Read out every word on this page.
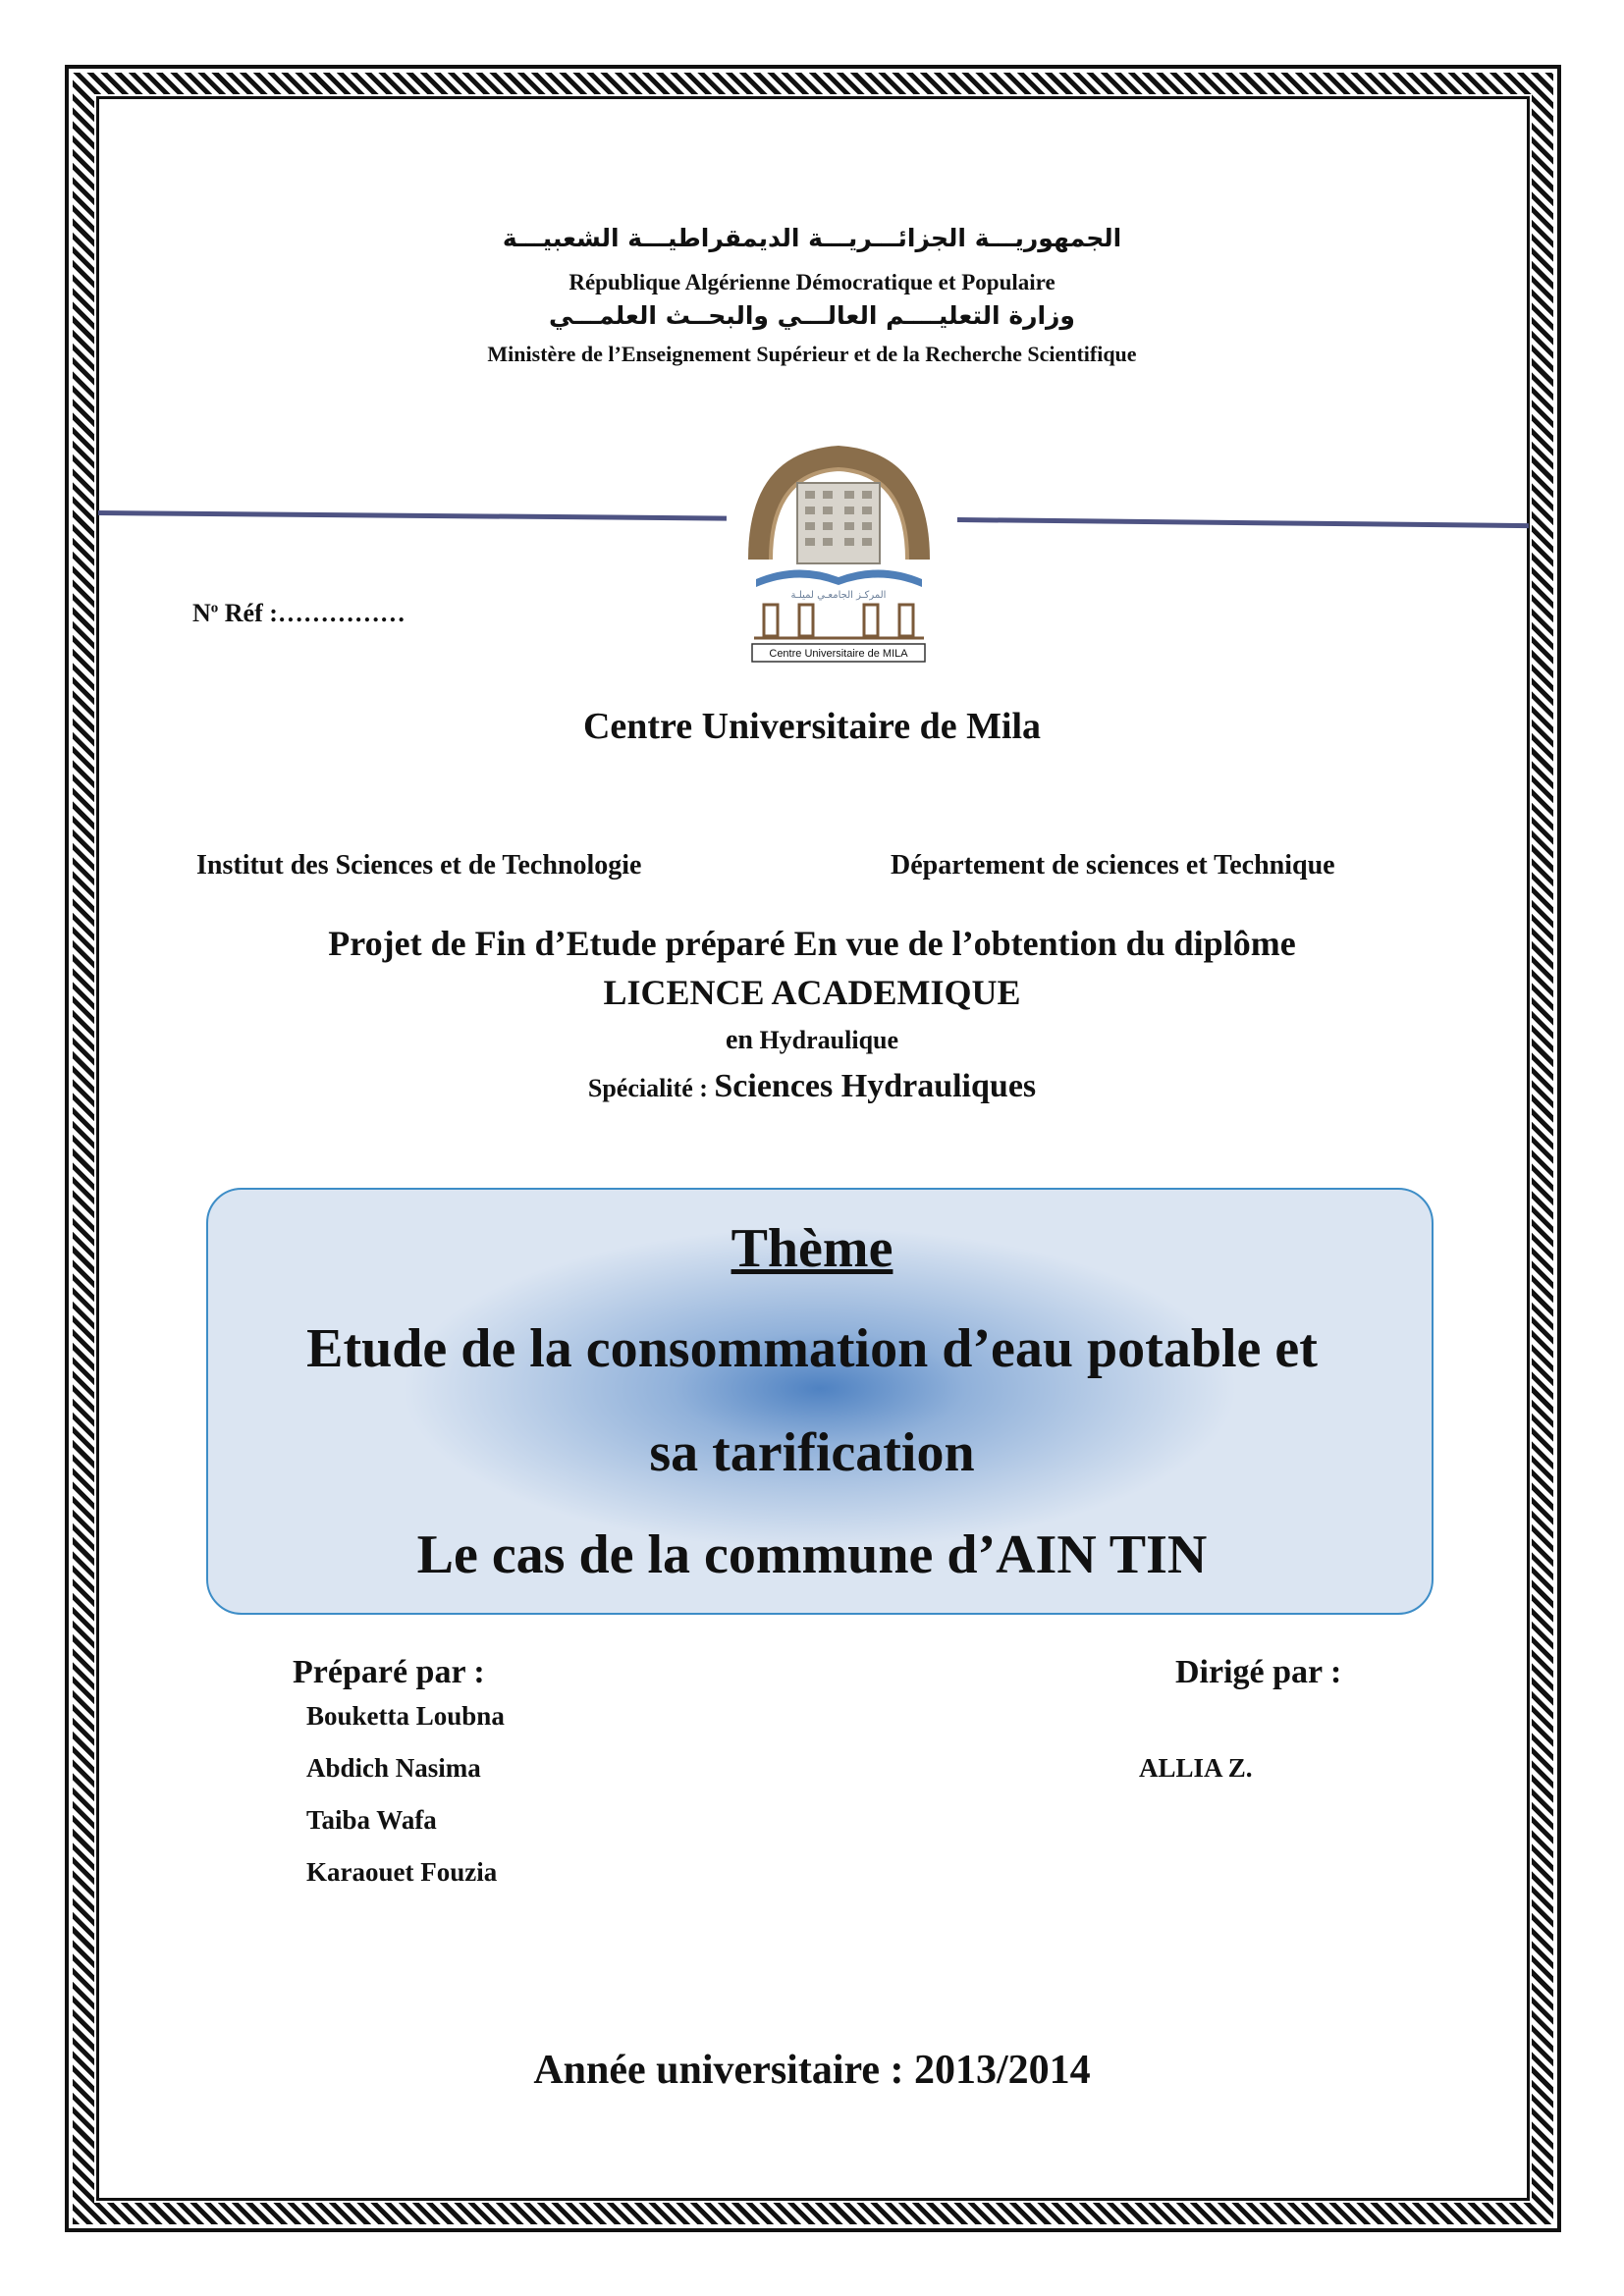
الجمهوريـــة الجزائـــريـــة الديمقراطيـــة الشعبيـــة
République Algérienne Démocratique et Populaire
وزارة التعليــــم العالـــي والبحــث العلمـــي
Ministère de l’Enseignement Supérieur et de la Recherche Scientifique
المركـز الجامعـي لميلـة
Centre Universitaire de MILA
$N^o$ Réf :……………
Centre Universitaire de Mila
Institut des Sciences et de Technologie	Département de sciences et Technique
Projet de Fin d’Etude préparé En vue de l’obtention du diplôme
LICENCE ACADEMIQUE
en Hydraulique
Spécialité : Sciences Hydrauliques
Thème
Etude de la consommation d’eau potable et
sa tarification
Le cas de la commune d’AIN TIN
Préparé par :
Bouketta Loubna
Abdich Nasima
Taiba Wafa
Karaouet Fouzia
Dirigé par :
ALLIA Z.
Année universitaire : 2013/2014
